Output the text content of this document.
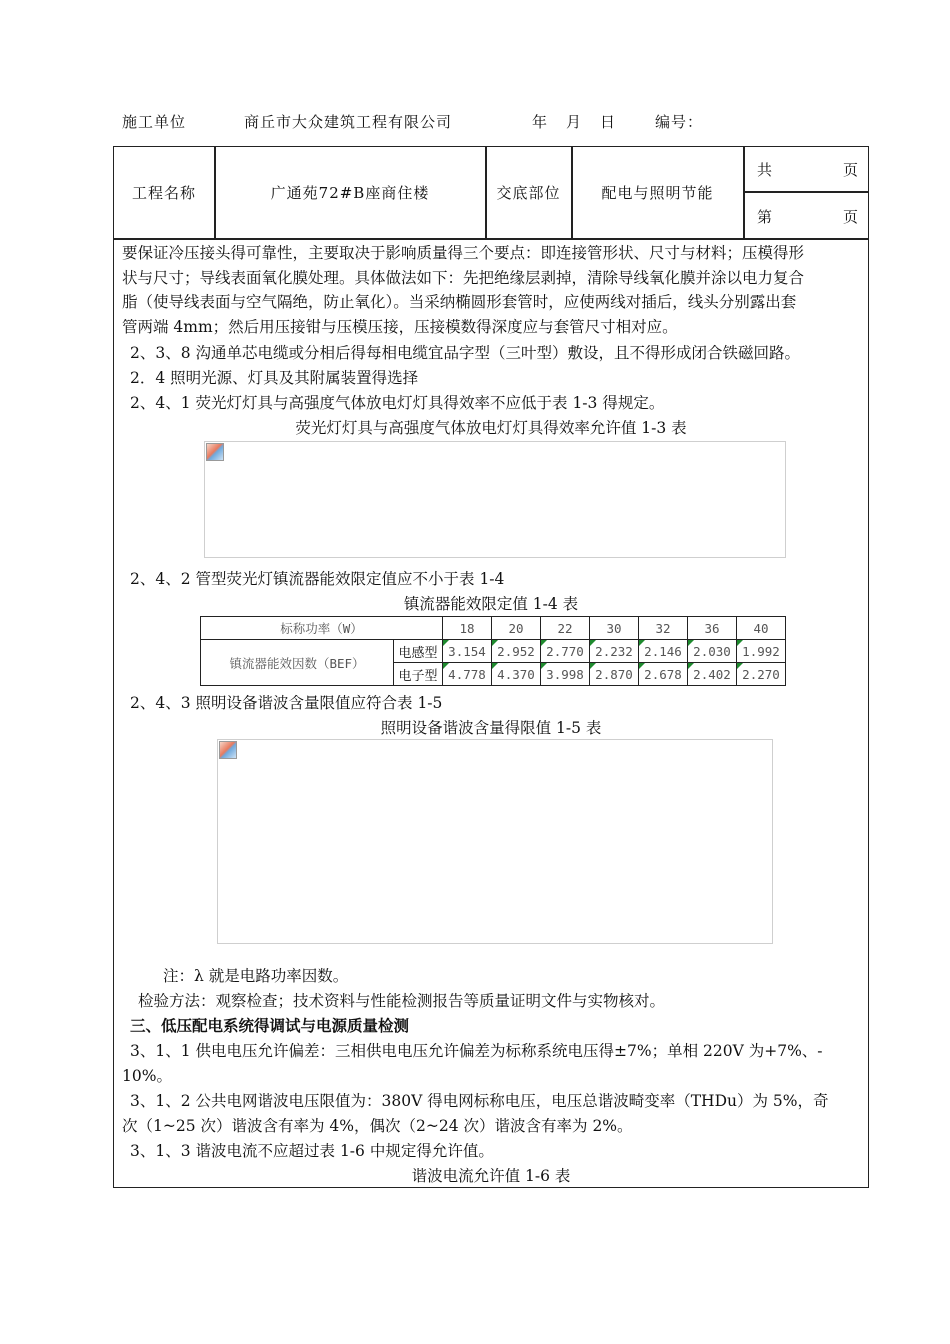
施工单位	商丘市大众建筑工程有限公司	年 月 日	编号：
工程名称	广通苑72#B座商住楼	交底部位	配电与照明节能
共	页
第	页
要保证冷压接头得可靠性，主要取决于影响质量得三个要点：即连接管形状、尺寸与材料；压模得形
状与尺寸；导线表面氧化膜处理。具体做法如下：先把绝缘层剥掉，清除导线氧化膜并涂以电力复合
脂（使导线表面与空气隔绝，防止氧化）。当采纳椭圆形套管时，应使两线对插后，线头分别露出套
管两端 4mm；然后用压接钳与压模压接，压接模数得深度应与套管尺寸相对应。
2、3、8 沟通单芯电缆或分相后得每相电缆宜品字型（三叶型）敷设，且不得形成闭合铁磁回路。
2．4 照明光源、灯具及其附属装置得选择
2、4、1 荧光灯灯具与高强度气体放电灯灯具得效率不应低于表 1-3 得规定。
荧光灯灯具与高强度气体放电灯灯具得效率允许值 1-3 表
2、4、2 管型荧光灯镇流器能效限定值应不小于表 1-4
镇流器能效限定值 1-4 表
标称功率（W）		18	20	22	30	32	36	40
镇流器能效因数（BEF）	电感型	3.154	2.952	2.770	2.232	2.146	2.030	1.992
	电子型	4.778	4.370	3.998	2.870	2.678	2.402	2.270
2、4、3 照明设备谐波含量限值应符合表 1-5
照明设备谐波含量得限值 1-5 表
注：λ 就是电路功率因数。
检验方法：观察检查；技术资料与性能检测报告等质量证明文件与实物核对。
三、低压配电系统得调试与电源质量检测
3、1、1 供电电压允许偏差：三相供电电压允许偏差为标称系统电压得±7%；单相 220V 为+7%、-
10%。
3、1、2 公共电网谐波电压限值为：380V 得电网标称电压，电压总谐波畸变率（THDu）为 5%，奇
次（1~25 次）谐波含有率为 4%，偶次（2~24 次）谐波含有率为 2%。
3、1、3 谐波电流不应超过表 1-6 中规定得允许值。
谐波电流允许值 1-6 表
